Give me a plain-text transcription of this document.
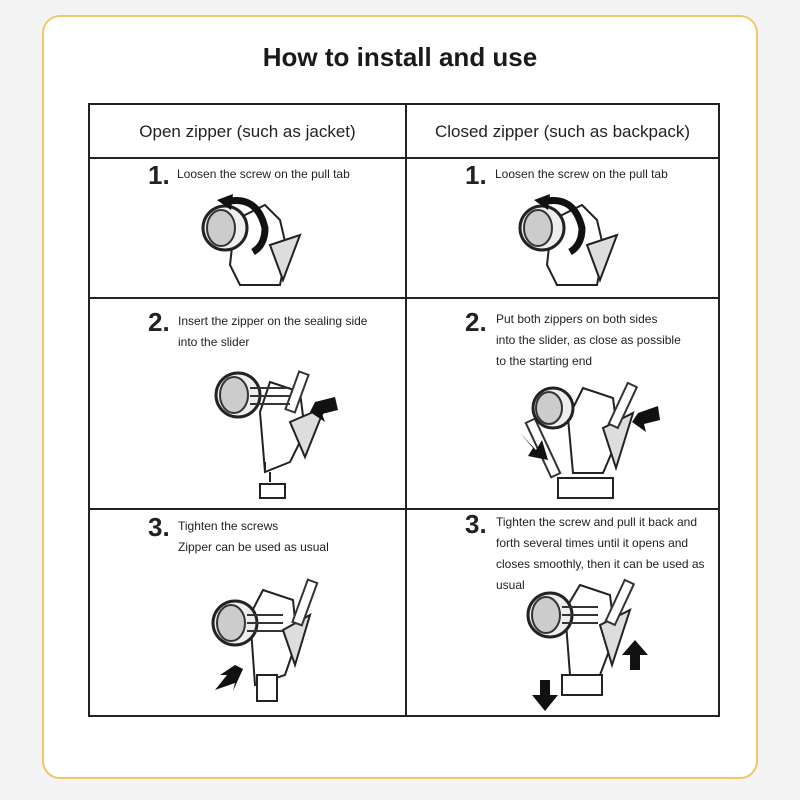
How to install and use
Open zipper (such as jacket)	Closed zipper (such as backpack)
1. Loosen the screw on the pull tab
2. Insert the zipper on the sealing side
into the slider
3. Tighten the screws
Zipper can be used as usual
1. Loosen the screw on the pull tab
2. Put both zippers on both sides
into the slider, as close as possible
to the starting end
3. Tighten the screw and pull it back and
forth several times until it opens and
closes smoothly, then it can be used as
usual
